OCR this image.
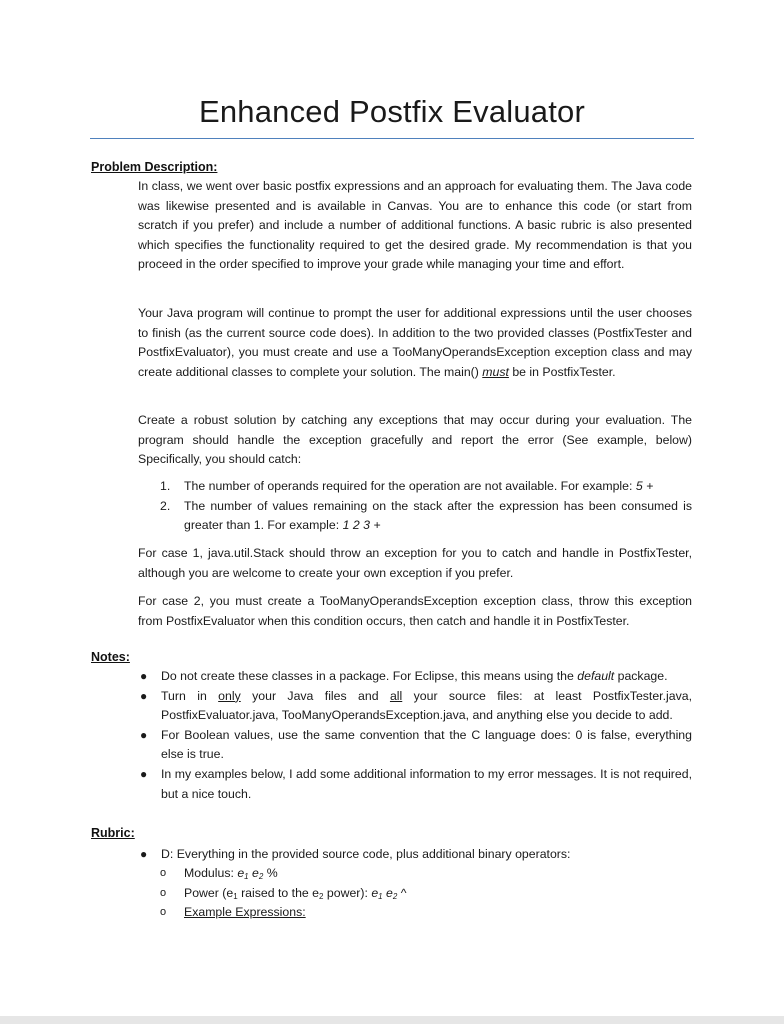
Enhanced Postfix Evaluator
Problem Description:

In class, we went over basic postfix expressions and an approach for evaluating them. The Java code was likewise presented and is available in Canvas. You are to enhance this code (or start from scratch if you prefer) and include a number of additional functions. A basic rubric is also presented which specifies the functionality required to get the desired grade. My recommendation is that you proceed in the order specified to improve your grade while managing your time and effort.

Your Java program will continue to prompt the user for additional expressions until the user chooses to finish (as the current source code does). In addition to the two provided classes (PostfixTester and PostfixEvaluator), you must create and use a TooManyOperandsException exception class and may create additional classes to complete your solution. The main() must be in PostfixTester.

Create a robust solution by catching any exceptions that may occur during your evaluation. The program should handle the exception gracefully and report the error (See example, below) Specifically, you should catch:

1. The number of operands required for the operation are not available. For example: 5 +
2. The number of values remaining on the stack after the expression has been consumed is greater than 1. For example: 1 2 3 +

For case 1, java.util.Stack should throw an exception for you to catch and handle in PostfixTester, although you are welcome to create your own exception if you prefer.

For case 2, you must create a TooManyOperandsException exception class, throw this exception from PostfixEvaluator when this condition occurs, then catch and handle it in PostfixTester.

Notes:
● Do not create these classes in a package. For Eclipse, this means using the default package.
● Turn in only your Java files and all your source files: at least PostfixTester.java, PostfixEvaluator.java, TooManyOperandsException.java, and anything else you decide to add.
● For Boolean values, use the same convention that the C language does: 0 is false, everything else is true.
● In my examples below, I add some additional information to my error messages. It is not required, but a nice touch.
Rubric:
● D: Everything in the provided source code, plus additional binary operators:
o Modulus: $e_1$ $e_2$ %
o Power ($e_1$ raised to the $e_2$ power): $e_1$ $e_2$ ^
o Example Expressions:
